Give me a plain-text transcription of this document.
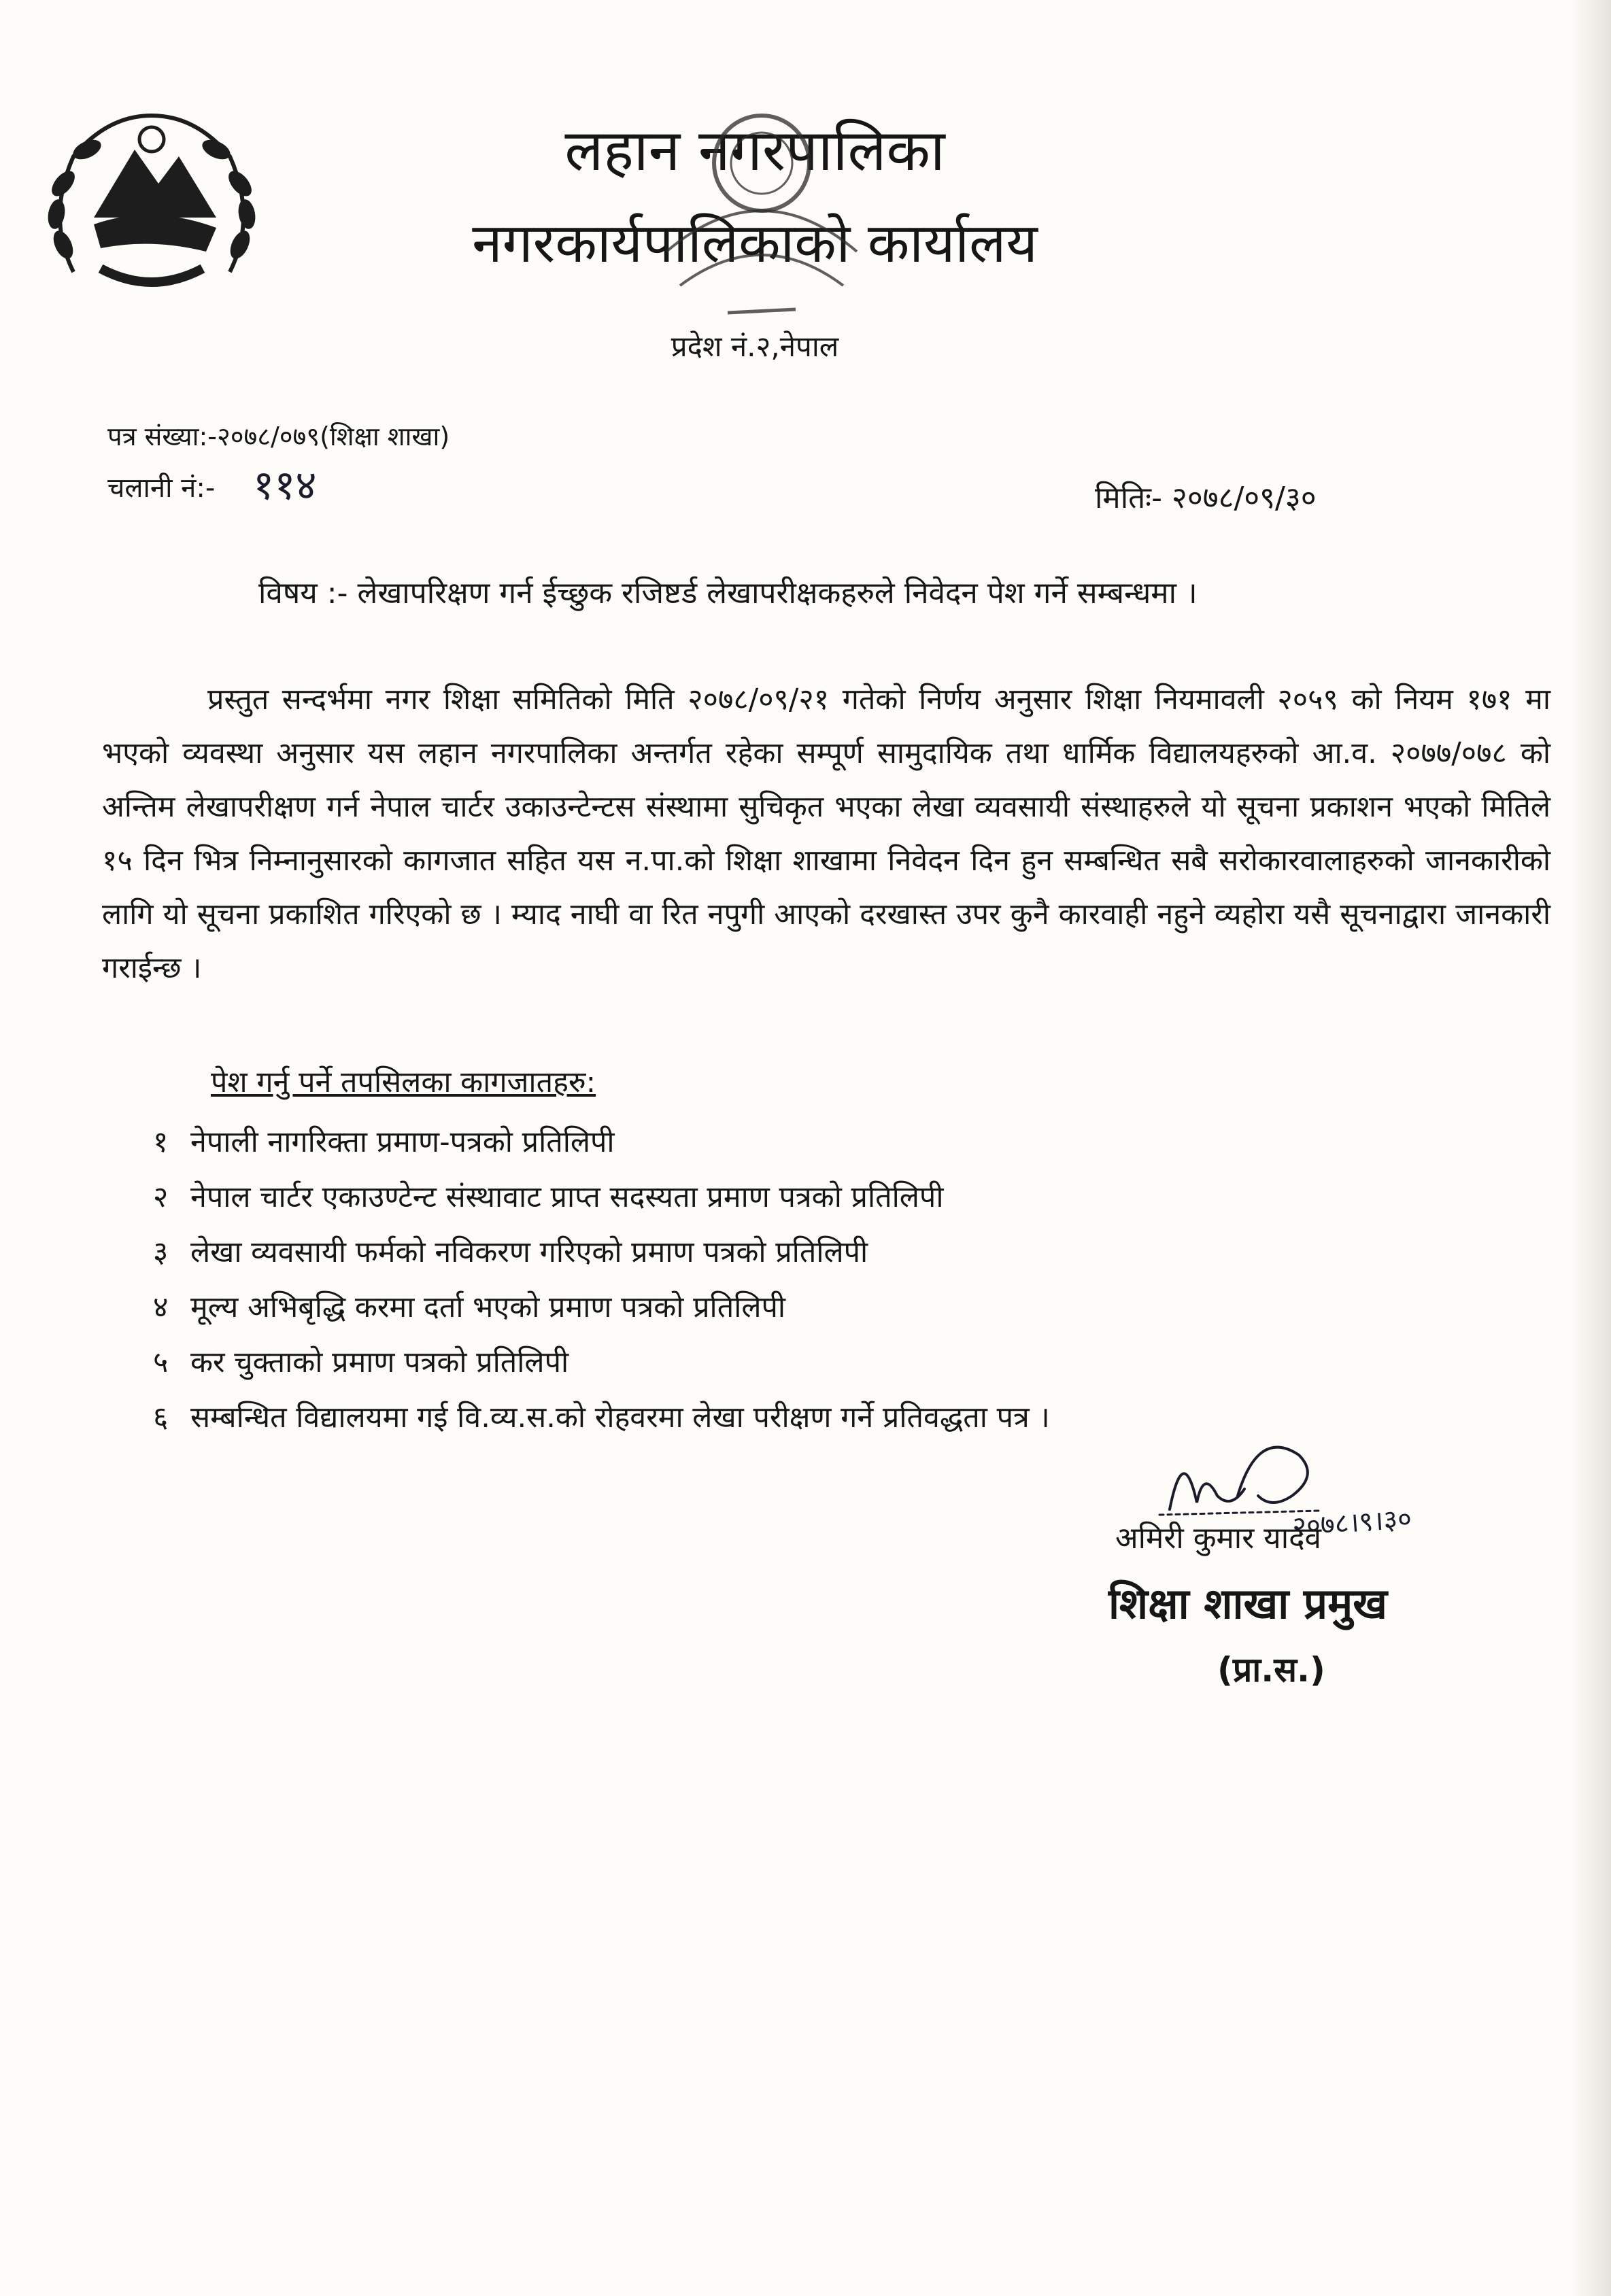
लहान नगरपालिका
नगरकार्यपालिकाको कार्यालय
प्रदेश नं.२,नेपाल
पत्र संख्या:-२०७८/०७९(शिक्षा शाखा)
चलानी नं:- ११४	मितिः- २०७८/०९/३०
विषय :- लेखापरिक्षण गर्न ईच्छुक रजिष्टर्ड लेखापरीक्षकहरुले निवेदन पेश गर्ने सम्बन्धमा ।
प्रस्तुत सन्दर्भमा नगर शिक्षा समितिको मिति २०७८/०९/२१ गतेको निर्णय अनुसार शिक्षा नियमावली २०५९ को नियम १७१ मा भएको व्यवस्था अनुसार यस लहान नगरपालिका अन्तर्गत रहेका सम्पूर्ण सामुदायिक तथा धार्मिक विद्यालयहरुको आ.व. २०७७/०७८ को अन्तिम लेखापरीक्षण गर्न नेपाल चार्टर उकाउन्टेन्टस संस्थामा सुचिकृत भएका लेखा व्यवसायी संस्थाहरुले यो सूचना प्रकाशन भएको मितिले १५ दिन भित्र निम्नानुसारको कागजात सहित यस न.पा.को शिक्षा शाखामा निवेदन दिन हुन सम्बन्धित सबै सरोकारवालाहरुको जानकारीको लागि यो सूचना प्रकाशित गरिएको छ । म्याद नाघी वा रित नपुगी आएको दरखास्त उपर कुनै कारवाही नहुने व्यहोरा यसै सूचनाद्वारा जानकारी गराईन्छ ।
पेश गर्नु पर्ने तपसिलका कागजातहरु:
१ नेपाली नागरिक्ता प्रमाण-पत्रको प्रतिलिपी
२ नेपाल चार्टर एकाउण्टेन्ट संस्थावाट प्राप्त सदस्यता प्रमाण पत्रको प्रतिलिपी
३ लेखा व्यवसायी फर्मको नविकरण गरिएको प्रमाण पत्रको प्रतिलिपी
४ मूल्य अभिबृद्धि करमा दर्ता भएको प्रमाण पत्रको प्रतिलिपी
५ कर चुक्ताको प्रमाण पत्रको प्रतिलिपी
६ सम्बन्धित विद्यालयमा गई वि.व्य.स.को रोहवरमा लेखा परीक्षण गर्ने प्रतिवद्धता पत्र ।
२०७८।९।३०
अमिरी कुमार यादव
शिक्षा शाखा प्रमुख
(प्रा.स.)
